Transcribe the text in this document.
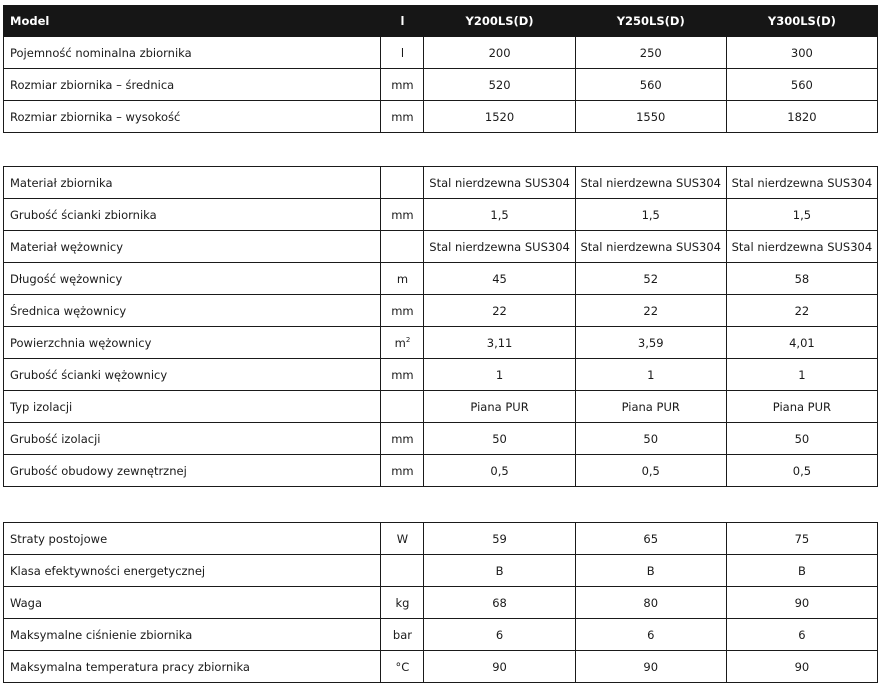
Model	l	Y200LS(D)	Y250LS(D)	Y300LS(D)
Pojemność nominalna zbiornika	l	200	250	300
Rozmiar zbiornika – średnica	mm	520	560	560
Rozmiar zbiornika – wysokość	mm	1520	1550	1820
Materiał zbiornika		Stal nierdzewna SUS304	Stal nierdzewna SUS304	Stal nierdzewna SUS304
Grubość ścianki zbiornika	mm	1,5	1,5	1,5
Materiał wężownicy		Stal nierdzewna SUS304	Stal nierdzewna SUS304	Stal nierdzewna SUS304
Długość wężownicy	m	45	52	58
Średnica wężownicy	mm	22	22	22
Powierzchnia wężownicy	$m^2$	3,11	3,59	4,01
Grubość ścianki wężownicy	mm	1	1	1
Typ izolacji		Piana PUR	Piana PUR	Piana PUR
Grubość izolacji	mm	50	50	50
Grubość obudowy zewnętrznej	mm	0,5	0,5	0,5
Straty postojowe	W	59	65	75
Klasa efektywności energetycznej		B	B	B
Waga	kg	68	80	90
Maksymalne ciśnienie zbiornika	bar	6	6	6
Maksymalna temperatura pracy zbiornika	°C	90	90	90
